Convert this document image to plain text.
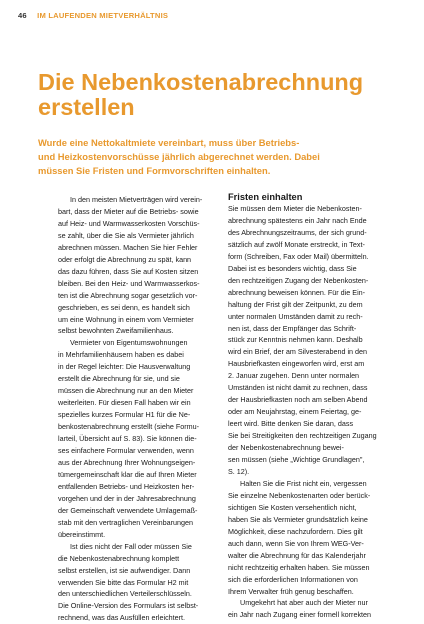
46 IM LAUFENDEN MIETVERHÄLTNIS
Die Nebenkostenabrechnung
erstellen

Wurde eine Nettokaltmiete vereinbart, muss über Betriebs-
und Heizkostenvorschüsse jährlich abgerechnet werden. Dabei
müssen Sie Fristen und Formvorschriften einhalten.

In den meisten Mietverträgen wird verein-
bart, dass der Mieter auf die Betriebs- sowie
auf Heiz- und Warmwasserkosten Vorschüs-
se zahlt, über die Sie als Vermieter jährlich
abrechnen müssen. Machen Sie hier Fehler
oder erfolgt die Abrechnung zu spät, kann
das dazu führen, dass Sie auf Kosten sitzen
bleiben. Bei den Heiz- und Warmwasserkos-
ten ist die Abrechnung sogar gesetzlich vor-
geschrieben, es sei denn, es handelt sich
um eine Wohnung in einem vom Vermieter
selbst bewohnten Zweifamilienhaus.
Vermieter von Eigentumswohnungen
in Mehrfamilienhäusern haben es dabei
in der Regel leichter: Die Hausverwaltung
erstellt die Abrechnung für sie, und sie
müssen die Abrechnung nur an den Mieter
weiterleiten. Für diesen Fall haben wir ein
spezielles kurzes Formular H1 für die Ne-
benkostenabrechnung erstellt (siehe Formu-
larteil, Übersicht auf S. 83). Sie können die-
ses einfachere Formular verwenden, wenn
aus der Abrechnung Ihrer Wohnungseigen-
tümergemeinschaft klar die auf Ihren Mieter
entfallenden Betriebs- und Heizkosten her-
vorgehen und der in der Jahresabrechnung
der Gemeinschaft verwendete Umlagemaß-
stab mit den vertraglichen Vereinbarungen
übereinstimmt.
Ist dies nicht der Fall oder müssen Sie
die Nebenkostenabrechnung komplett
selbst erstellen, ist sie aufwendiger. Dann
verwenden Sie bitte das Formular H2 mit
den unterschiedlichen Verteilerschlüsseln.
Die Online-Version des Formulars ist selbst-
rechnend, was das Ausfüllen erleichtert.
Fristen einhalten
Sie müssen dem Mieter die Nebenkosten-
abrechnung spätestens ein Jahr nach Ende
des Abrechnungszeitraums, der sich grund-
sätzlich auf zwölf Monate erstreckt, in Text-
form (Schreiben, Fax oder Mail) übermitteln.
Dabei ist es besonders wichtig, dass Sie
den rechtzeitigen Zugang der Nebenkosten-
abrechnung beweisen können. Für die Ein-
haltung der Frist gilt der Zeitpunkt, zu dem
unter normalen Umständen damit zu rech-
nen ist, dass der Empfänger das Schrift-
stück zur Kenntnis nehmen kann. Deshalb
wird ein Brief, der am Silvesterabend in den
Hausbriefkasten eingeworfen wird, erst am
2. Januar zugehen. Denn unter normalen
Umständen ist nicht damit zu rechnen, dass
der Hausbriefkasten noch am selben Abend
oder am Neujahrstag, einem Feiertag, ge-
leert wird. Bitte denken Sie daran, dass
Sie bei Streitigkeiten den rechtzeitigen Zugang
der Nebenkostenabrechnung bewei-
sen müssen (siehe „Wichtige Grundlagen",
S. 12).
Halten Sie die Frist nicht ein, vergessen
Sie einzelne Nebenkostenarten oder berück-
sichtigen Sie Kosten versehentlich nicht,
haben Sie als Vermieter grundsätzlich keine
Möglichkeit, diese nachzufordern. Dies gilt
auch dann, wenn Sie von Ihrem WEG-Ver-
walter die Abrechnung für das Kalenderjahr
nicht rechtzeitig erhalten haben. Sie müssen
sich die erforderlichen Informationen von
Ihrem Verwalter früh genug beschaffen.
Umgekehrt hat aber auch der Mieter nur
ein Jahr nach Zugang einer formell korrekten
